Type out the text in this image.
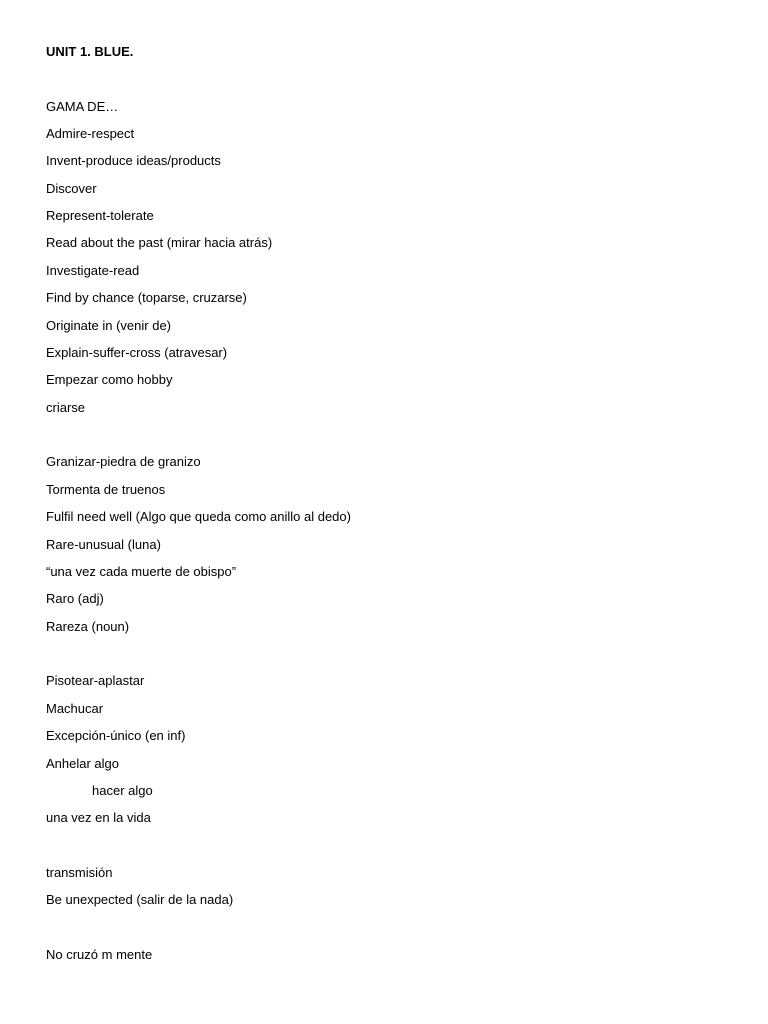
UNIT 1. BLUE.
GAMA DE…
Admire-respect
Invent-produce ideas/products
Discover
Represent-tolerate
Read about the past (mirar hacia atrás)
Investigate-read
Find by chance (toparse, cruzarse)
Originate in (venir de)
Explain-suffer-cross (atravesar)
Empezar como hobby
criarse
Granizar-piedra de granizo
Tormenta de truenos
Fulfil need well (Algo que queda como anillo al dedo)
Rare-unusual (luna)
“una vez cada muerte de obispo”
Raro (adj)
Rareza (noun)
Pisotear-aplastar
Machucar
Excepción-único (en inf)
Anhelar algo
hacer algo
una vez en la vida
transmisión
Be unexpected (salir de la nada)
No cruzó m mente
